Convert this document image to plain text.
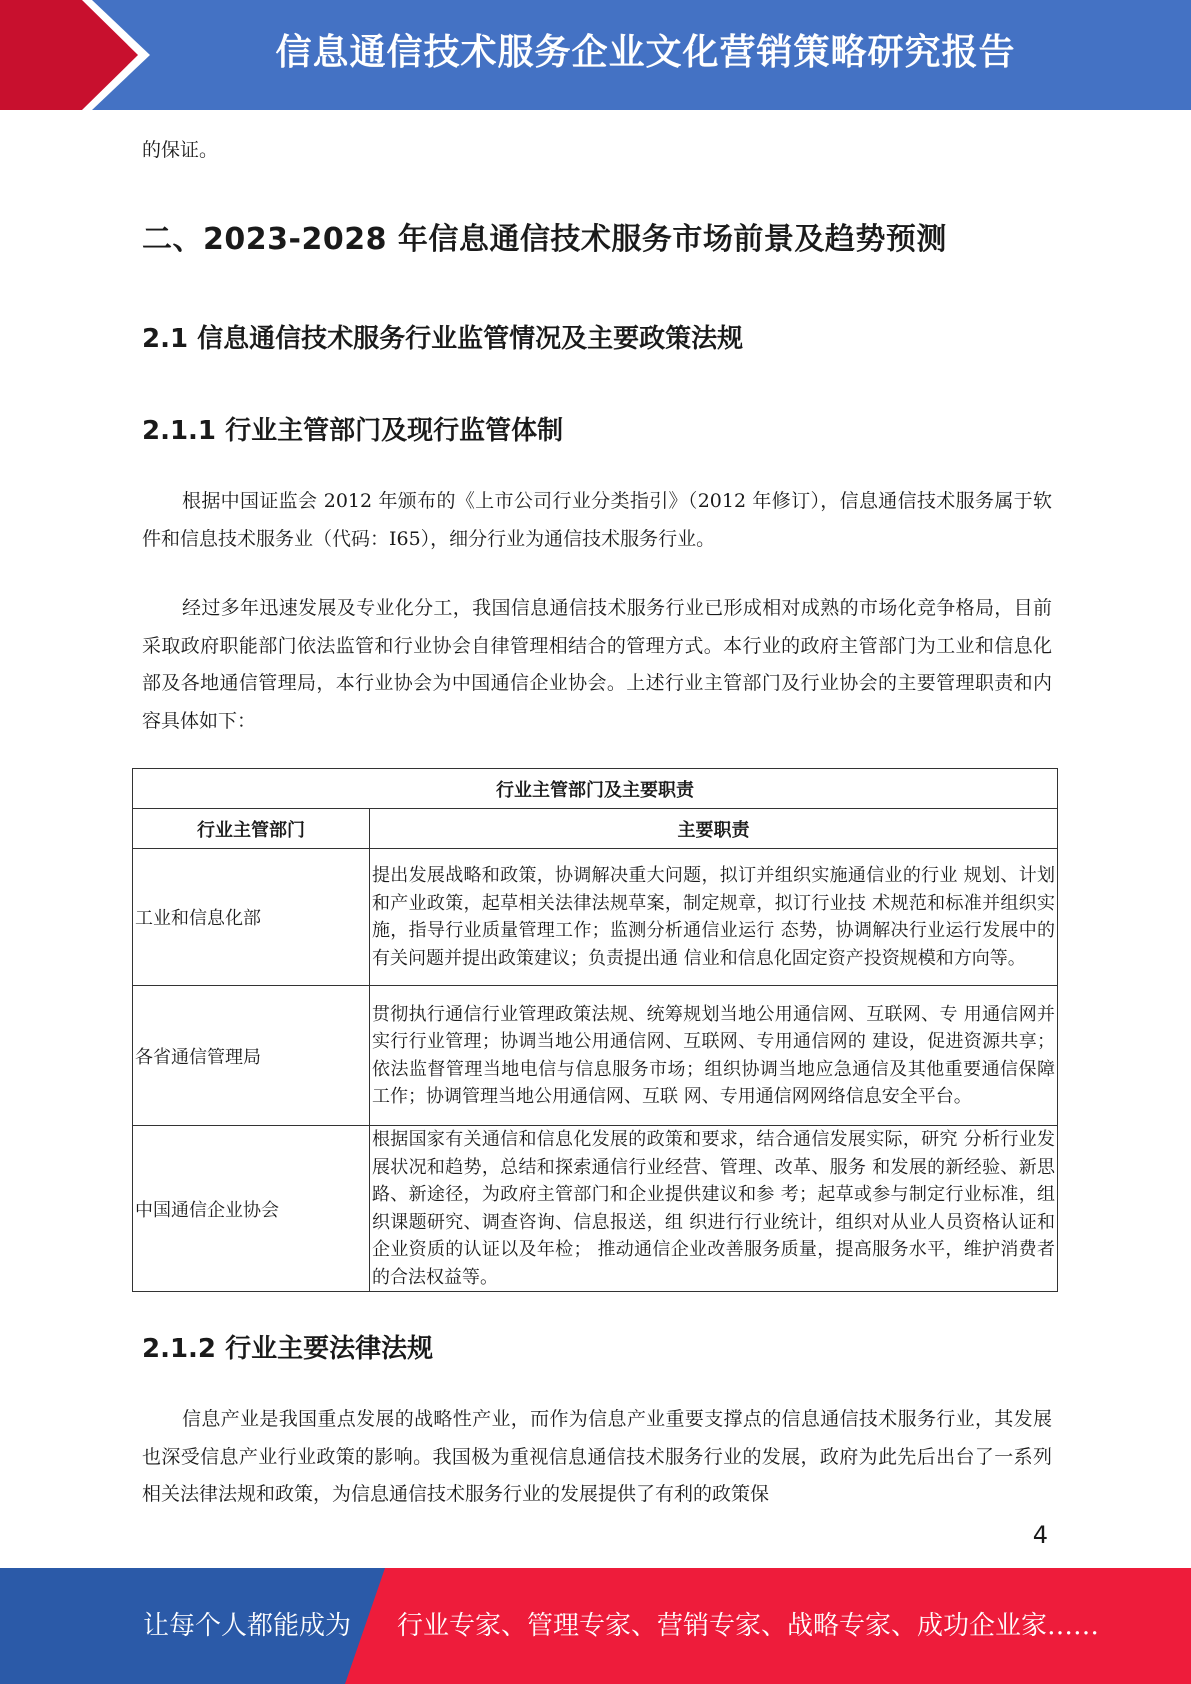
信息通信技术服务企业文化营销策略研究报告

的保证。

二、2023-2028 年信息通信技术服务市场前景及趋势预测
2.1 信息通信技术服务行业监管情况及主要政策法规
2.1.1 行业主管部门及现行监管体制

根据中国证监会 2012 年颁布的《上市公司行业分类指引》（2012 年修订），信息通信技术服务属于软件和信息技术服务业（代码：I65），细分行业为通信技术服务行业。

经过多年迅速发展及专业化分工，我国信息通信技术服务行业已形成相对成熟的市场化竞争格局，目前采取政府职能部门依法监管和行业协会自律管理相结合的管理方式。本行业的政府主管部门为工业和信息化部及各地通信管理局，本行业协会为中国通信企业协会。上述行业主管部门及行业协会的主要管理职责和内容具体如下：

2.1.2 行业主要法律法规

信息产业是我国重点发展的战略性产业，而作为信息产业重要支撑点的信息通信技术服务行业，其发展也深受信息产业行业政策的影响。我国极为重视信息通信技术服务行业的发展，政府为此先后出台了一系列相关法律法规和政策，为信息通信技术服务行业的发展提供了有利的政策保

行业主管部门及主要职责	
行业主管部门	主要职责
工业和信息化部	提出发展战略和政策，协调解决重大问题，拟订并组织实施通信业的行业 规划、计划和产业政策，起草相关法律法规草案，制定规章，拟订行业技 术规范和标准并组织实施，指导行业质量管理工作；监测分析通信业运行 态势，协调解决行业运行发展中的有关问题并提出政策建议；负责提出通 信业和信息化固定资产投资规模和方向等。
各省通信管理局	贯彻执行通信行业管理政策法规、统筹规划当地公用通信网、互联网、专 用通信网并实行行业管理；协调当地公用通信网、互联网、专用通信网的 建设，促进资源共享；依法监督管理当地电信与信息服务市场；组织协调当地应急通信及其他重要通信保障工作；协调管理当地公用通信网、互联 网、专用通信网网络信息安全平台。
中国通信企业协会	根据国家有关通信和信息化发展的政策和要求，结合通信发展实际，研究 分析行业发展状况和趋势，总结和探索通信行业经营、管理、改革、服务 和发展的新经验、新思路、新途径，为政府主管部门和企业提供建议和参 考；起草或参与制定行业标准，组织课题研究、调查咨询、信息报送，组 织进行行业统计，组织对从业人员资格认证和企业资质的认证以及年检； 推动通信企业改善服务质量，提高服务水平，维护消费者的合法权益等。
4
让每个人都能成为 行业专家、管理专家、营销专家、战略专家、成功企业家……
